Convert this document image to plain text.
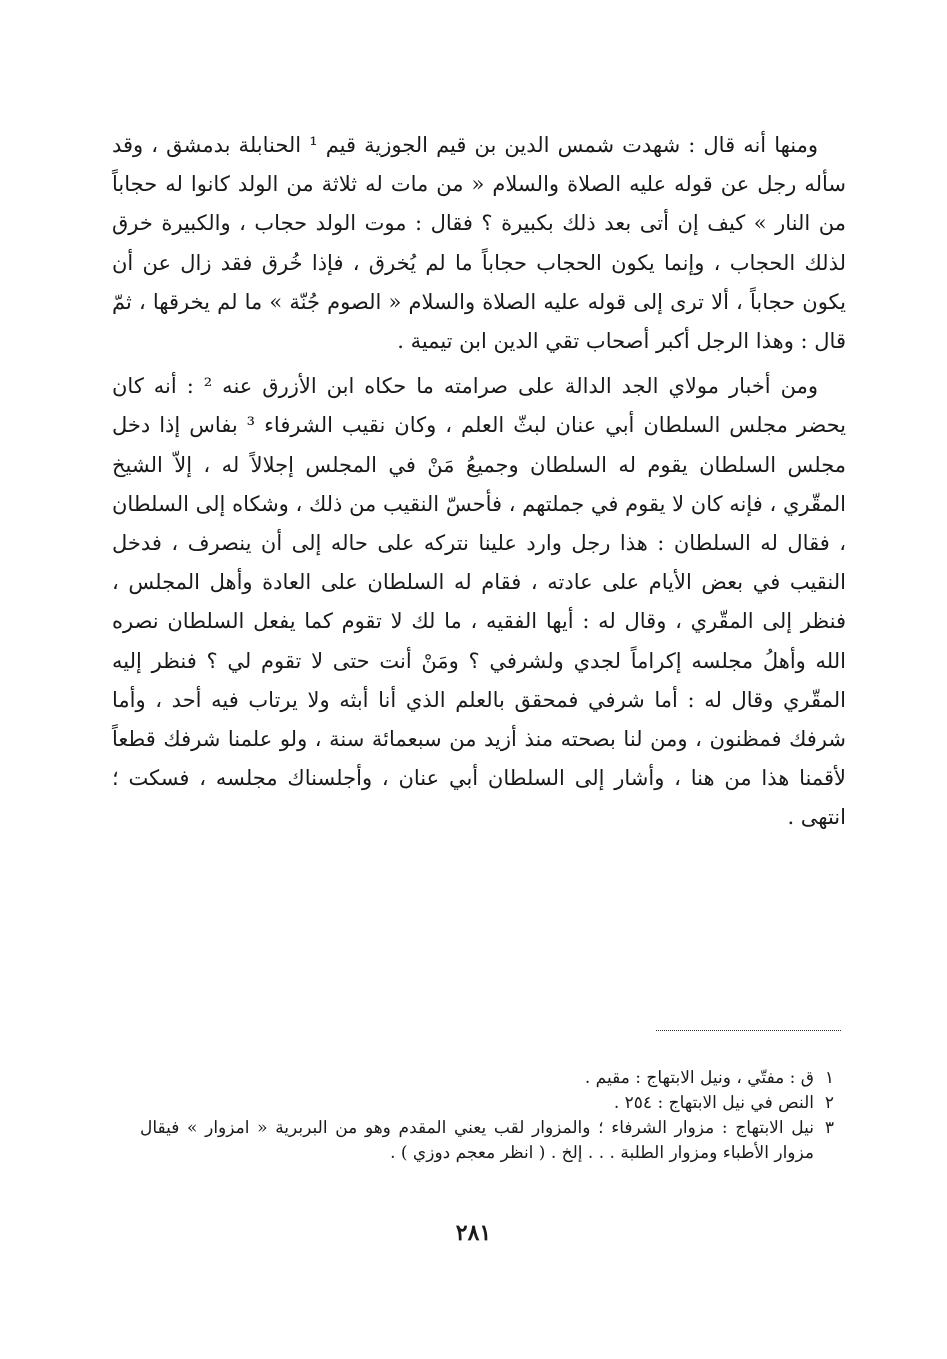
ومنها أنه قال : شهدت شمس الدين بن قيم الجوزية قيم ¹ الحنابلة بدمشق ، وقد سأله رجل عن قوله عليه الصلاة والسلام « من مات له ثلاثة من الولد كانوا له حجاباً من النار » كيف إن أتى بعد ذلك بكبيرة ؟ فقال : موت الولد حجاب ، والكبيرة خرق لذلك الحجاب ، وإنما يكون الحجاب حجاباً ما لم يُخرق ، فإذا خُرق فقد زال عن أن يكون حجاباً ، ألا ترى إلى قوله عليه الصلاة والسلام « الصوم جُنّة » ما لم يخرقها ، ثمّ قال : وهذا الرجل أكبر أصحاب تقي الدين ابن تيمية .

ومن أخبار مولاي الجد الدالة على صرامته ما حكاه ابن الأزرق عنه ² : أنه كان يحضر مجلس السلطان أبي عنان لبثّ العلم ، وكان نقيب الشرفاء ³ بفاس إذا دخل مجلس السلطان يقوم له السلطان وجميعُ مَنْ في المجلس إجلالاً له ، إلاّ الشيخ المقّري ، فإنه كان لا يقوم في جملتهم ، فأحسّ النقيب من ذلك ، وشكاه إلى السلطان ، فقال له السلطان : هذا رجل وارد علينا نتركه على حاله إلى أن ينصرف ، فدخل النقيب في بعض الأيام على عادته ، فقام له السلطان على العادة وأهل المجلس ، فنظر إلى المقّري ، وقال له : أيها الفقيه ، ما لك لا تقوم كما يفعل السلطان نصره الله وأهلُ مجلسه إكراماً لجدي ولشرفي ؟ ومَنْ أنت حتى لا تقوم لي ؟ فنظر إليه المقّري وقال له : أما شرفي فمحقق بالعلم الذي أنا أبثه ولا يرتاب فيه أحد ، وأما شرفك فمظنون ، ومن لنا بصحته منذ أزيد من سبعمائة سنة ، ولو علمنا شرفك قطعاً لأقمنا هذا من هنا ، وأشار إلى السلطان أبي عنان ، وأجلسناك مجلسه ، فسكت ؛ انتهى .

١
ق : مفتّي ، ونيل الابتهاج : مقيم .
٢
النص في نيل الابتهاج : ٢٥٤ .
٣
نيل الابتهاج : مزوار الشرفاء ؛ والمزوار لقب يعني المقدم وهو من البربرية « امزوار » فيقال مزوار الأطباء ومزوار الطلبة . . . إلخ . ( انظر معجم دوزي ) .
٢٨١
